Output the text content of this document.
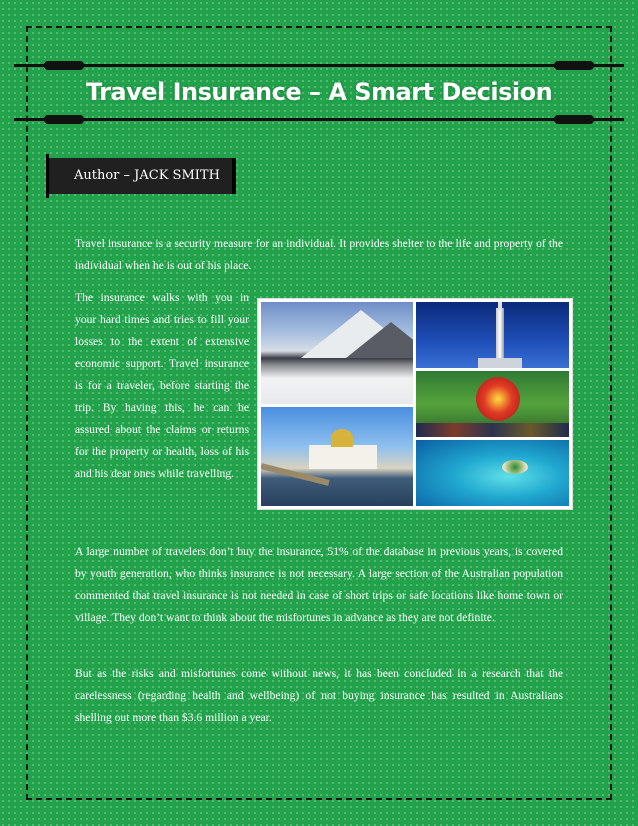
Travel Insurance – A Smart Decision
Author – JACK SMITH

Travel insurance is a security measure for an individual. It provides shelter to the life and property of the individual when he is out of his place.

The insurance walks with you in your hard times and tries to fill your losses to the extent of extensive economic support. Travel insurance is for a traveler, before starting the trip. By having this, he can be assured about the claims or returns for the property or health, loss of his and his dear ones while travelling.

A large number of travelers don’t buy the insurance, 51% of the database in previous years, is covered by youth generation, who thinks insurance is not necessary. A large section of the Australian population commented that travel insurance is not needed in case of short trips or safe locations like home town or village. They don’t want to think about the misfortunes in advance as they are not definite.

But as the risks and misfortunes come without news, it has been concluded in a research that the carelessness (regarding health and wellbeing) of not buying insurance has resulted in Australians shelling out more than $3.6 million a year.
